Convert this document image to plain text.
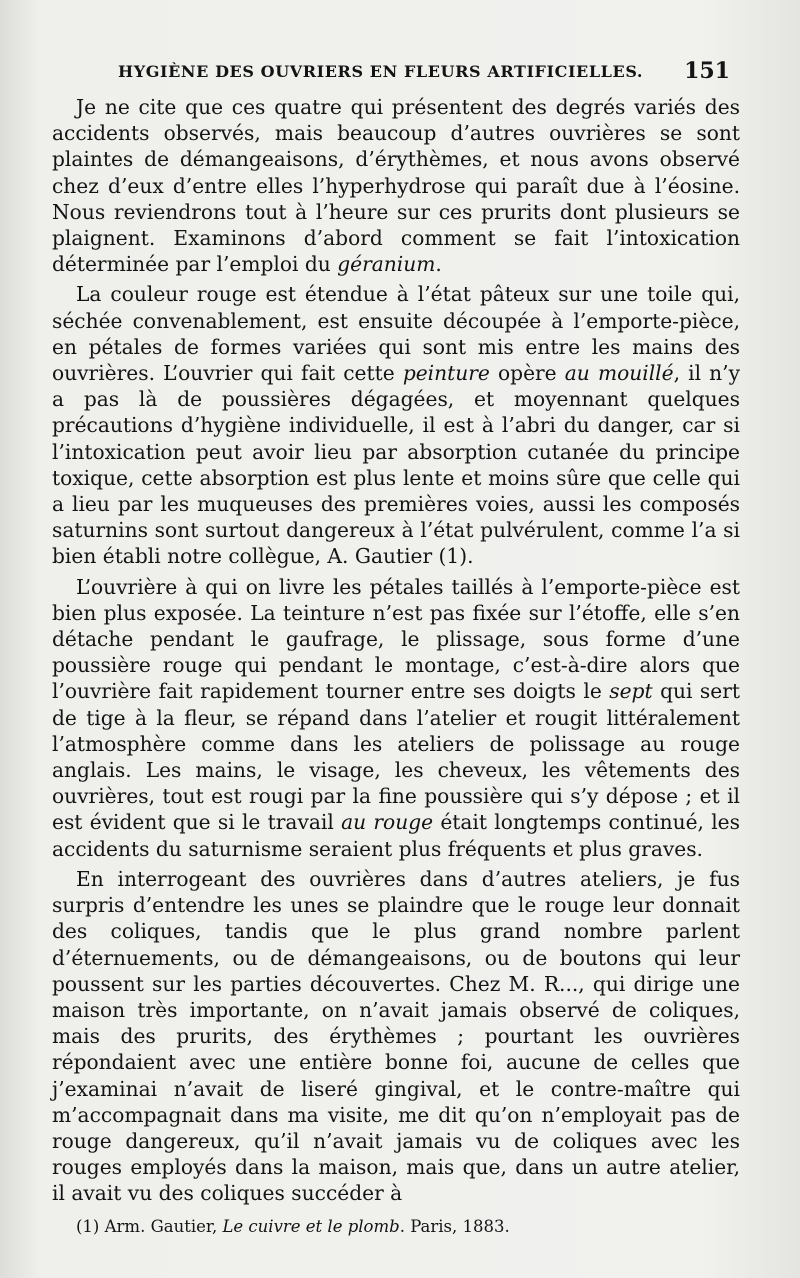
HYGIÈNE DES OUVRIERS EN FLEURS ARTIFICIELLES. 151

Je ne cite que ces quatre qui présentent des degrés variés des accidents observés, mais beaucoup d’autres ouvrières se sont plaintes de démangeaisons, d’érythèmes, et nous avons observé chez d’eux d’entre elles l’hyperhydrose qui paraît due à l’éosine. Nous reviendrons tout à l’heure sur ces prurits dont plusieurs se plaignent. Examinons d’abord comment se fait l’intoxication déterminée par l’emploi du géranium.

La couleur rouge est étendue à l’état pâteux sur une toile qui, séchée convenablement, est ensuite découpée à l’emporte-pièce, en pétales de formes variées qui sont mis entre les mains des ouvrières. L’ouvrier qui fait cette peinture opère au mouillé, il n’y a pas là de poussières dégagées, et moyennant quelques précautions d’hygiène individuelle, il est à l’abri du danger, car si l’intoxication peut avoir lieu par absorption cutanée du principe toxique, cette absorption est plus lente et moins sûre que celle qui a lieu par les muqueuses des premières voies, aussi les composés saturnins sont surtout dangereux à l’état pulvérulent, comme l’a si bien établi notre collègue, A. Gautier (1).

L’ouvrière à qui on livre les pétales taillés à l’emporte-pièce est bien plus exposée. La teinture n’est pas fixée sur l’étoffe, elle s’en détache pendant le gaufrage, le plissage, sous forme d’une poussière rouge qui pendant le montage, c’est-à-dire alors que l’ouvrière fait rapidement tourner entre ses doigts le sept qui sert de tige à la fleur, se répand dans l’atelier et rougit littéralement l’atmosphère comme dans les ateliers de polissage au rouge anglais. Les mains, le visage, les cheveux, les vêtements des ouvrières, tout est rougi par la fine poussière qui s’y dépose ; et il est évident que si le travail au rouge était longtemps continué, les accidents du saturnisme seraient plus fréquents et plus graves.

En interrogeant des ouvrières dans d’autres ateliers, je fus surpris d’entendre les unes se plaindre que le rouge leur donnait des coliques, tandis que le plus grand nombre parlent d’éternuements, ou de démangeaisons, ou de boutons qui leur poussent sur les parties découvertes. Chez M. R..., qui dirige une maison très importante, on n’avait jamais observé de coliques, mais des prurits, des érythèmes ; pourtant les ouvrières répondaient avec une entière bonne foi, aucune de celles que j’examinai n’avait de liseré gingival, et le contre-maître qui m’accompagnait dans ma visite, me dit qu’on n’employait pas de rouge dangereux, qu’il n’avait jamais vu de coliques avec les rouges employés dans la maison, mais que, dans un autre atelier, il avait vu des coliques succéder à

(1) Arm. Gautier, Le cuivre et le plomb. Paris, 1883.
